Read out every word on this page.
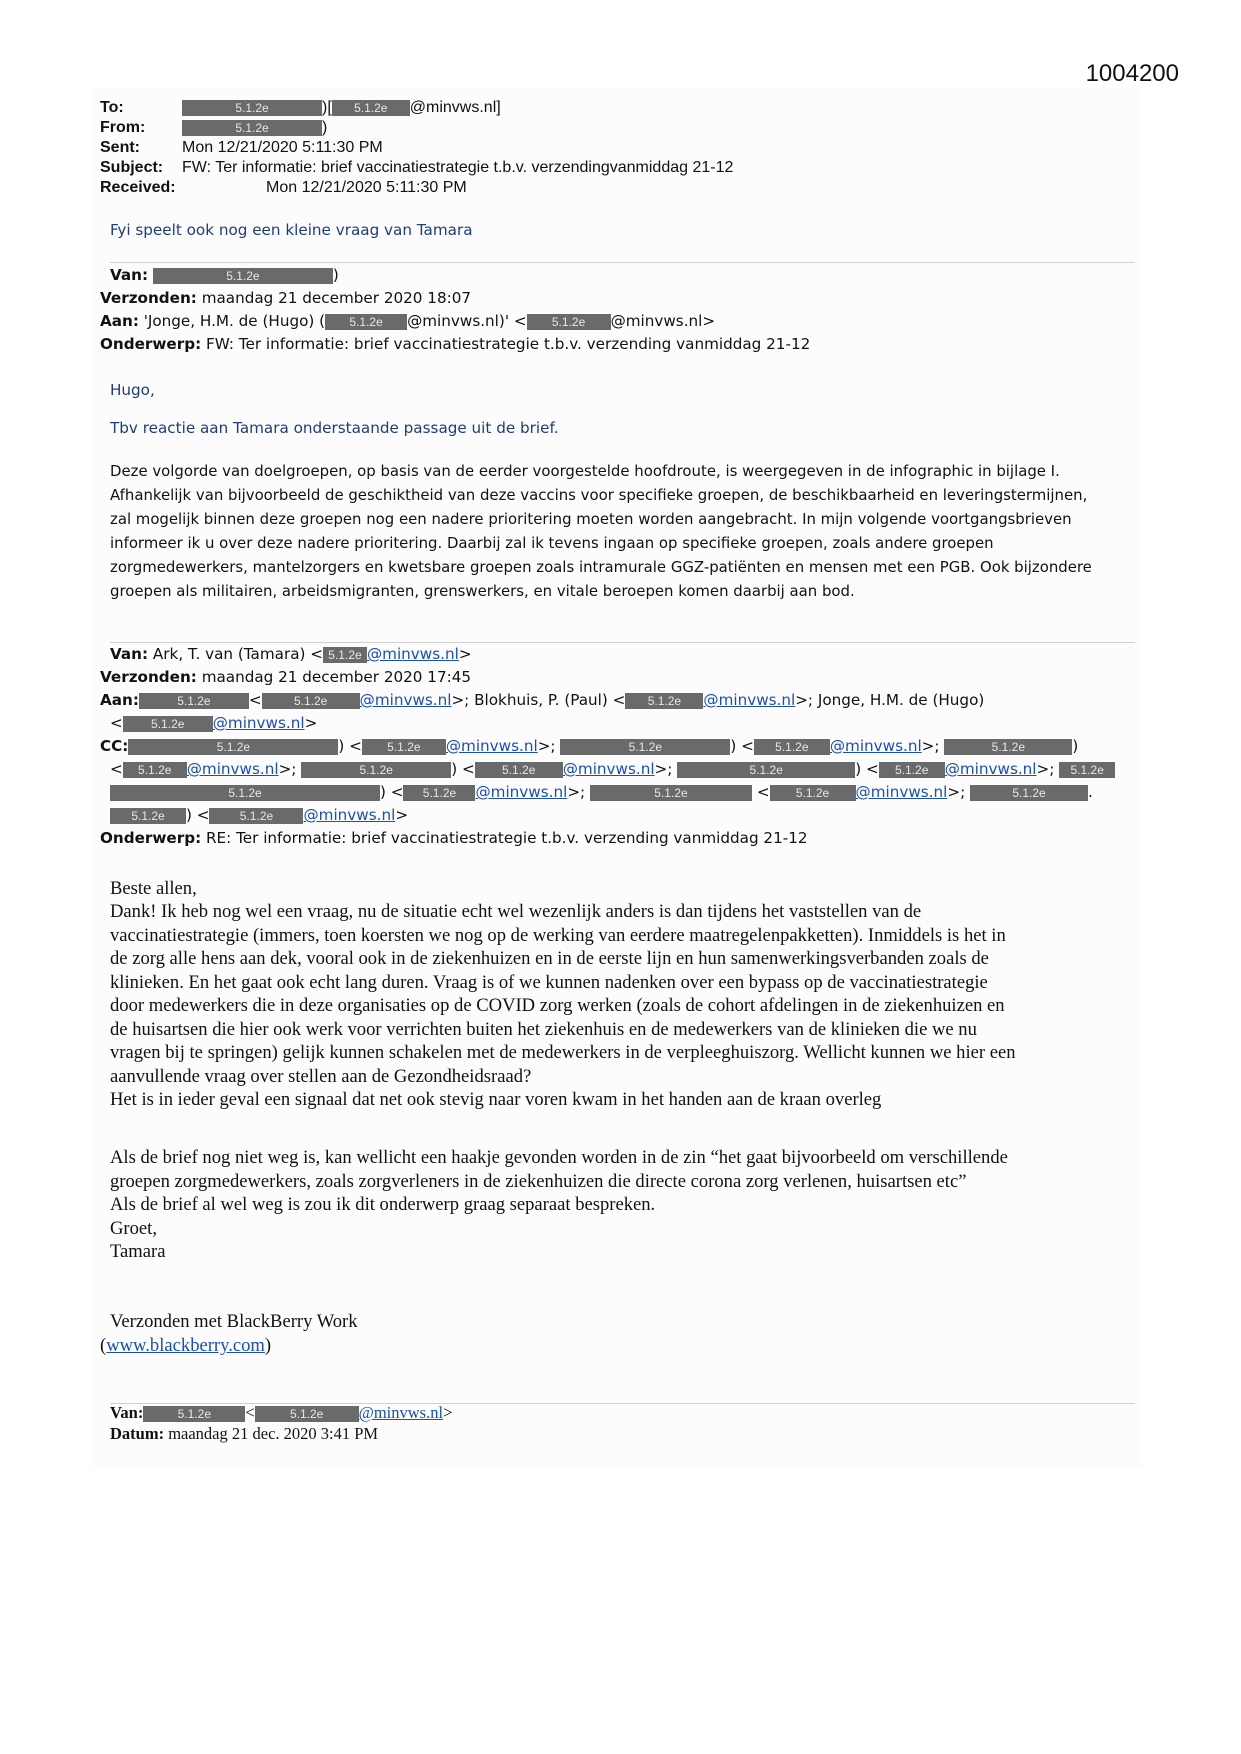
1004200
To:	5.1.2e	)[ 5.1.2e @minvws.nl]
From:	5.1.2e	)
Sent:	Mon 12/21/2020 5:11:30 PM
Subject: FW: Ter informatie: brief vaccinatiestrategie t.b.v. verzendingvanmiddag 21-12
Received:	Mon 12/21/2020 5:11:30 PM
Fyi speelt ook nog een kleine vraag van Tamara
Van:	5.1.2e	)
Verzonden: maandag 21 december 2020 18:07
Aan: 'Jonge, H.M. de (Hugo) ( 5.1.2e @minvws.nl)' < 5.1.2e @minvws.nl>
Onderwerp: FW: Ter informatie: brief vaccinatiestrategie t.b.v. verzending vanmiddag 21-12
Hugo,
Tbv reactie aan Tamara onderstaande passage uit de brief.
Deze volgorde van doelgroepen, op basis van de eerder voorgestelde hoofdroute, is weergegeven in de infographic in bijlage I.
Afhankelijk van bijvoorbeeld de geschiktheid van deze vaccins voor specifieke groepen, de beschikbaarheid en leveringstermijnen,
zal mogelijk binnen deze groepen nog een nadere prioritering moeten worden aangebracht. In mijn volgende voortgangsbrieven
informeer ik u over deze nadere prioritering. Daarbij zal ik tevens ingaan op specifieke groepen, zoals andere groepen
zorgmedewerkers, mantelzorgers en kwetsbare groepen zoals intramurale GGZ-patiënten en mensen met een PGB. Ook bijzondere
groepen als militairen, arbeidsmigranten, grenswerkers, en vitale beroepen komen daarbij aan bod.
Van: Ark, T. van (Tamara) < 5.1.2e @minvws.nl>
Verzonden: maandag 21 december 2020 17:45
Aan:	5.1.2e	<	5.1.2e @minvws.nl>; Blokhuis, P. (Paul) < 5.1.2e @minvws.nl>; Jonge, H.M. de (Hugo)
< 5.1.2e @minvws.nl>
CC:	5.1.2e	) < 5.1.2e @minvws.nl>;	5.1.2e	) < 5.1.2e @minvws.nl>;	5.1.2e	)
< 5.1.2e @minvws.nl>;	5.1.2e	) < 5.1.2e @minvws.nl>;	5.1.2e	) < 5.1.2e @minvws.nl>; 5.1.2e
5.1.2e	) < 5.1.2e @minvws.nl>;	5.1.2e	< 5.1.2e @minvws.nl>;	5.1.2e	.
5.1.2e ) <	5.1.2e @minvws.nl>
Onderwerp: RE: Ter informatie: brief vaccinatiestrategie t.b.v. verzending vanmiddag 21-12
Beste allen,
Dank! Ik heb nog wel een vraag, nu de situatie echt wel wezenlijk anders is dan tijdens het vaststellen van de
vaccinatiestrategie (immers, toen koersten we nog op de werking van eerdere maatregelenpakketten). Inmiddels is het in
de zorg alle hens aan dek, vooral ook in de ziekenhuizen en in de eerste lijn en hun samenwerkingsverbanden zoals de
klinieken. En het gaat ook echt lang duren. Vraag is of we kunnen nadenken over een bypass op de vaccinatiestrategie
door medewerkers die in deze organisaties op de COVID zorg werken (zoals de cohort afdelingen in de ziekenhuizen en
de huisartsen die hier ook werk voor verrichten buiten het ziekenhuis en de medewerkers van de klinieken die we nu
vragen bij te springen) gelijk kunnen schakelen met de medewerkers in de verpleeghuiszorg. Wellicht kunnen we hier een
aanvullende vraag over stellen aan de Gezondheidsraad?
Het is in ieder geval een signaal dat net ook stevig naar voren kwam in het handen aan de kraan overleg
Als de brief nog niet weg is, kan wellicht een haakje gevonden worden in de zin “het gaat bijvoorbeeld om verschillende
groepen zorgmedewerkers, zoals zorgverleners in de ziekenhuizen die directe corona zorg verlenen, huisartsen etc”
Als de brief al wel weg is zou ik dit onderwerp graag separaat bespreken.
Groet,
Tamara
Verzonden met BlackBerry Work
(www.blackberry.com)
Van:	5.1.2e <	5.1.2e @minvws.nl>
Datum: maandag 21 dec. 2020 3:41 PM
